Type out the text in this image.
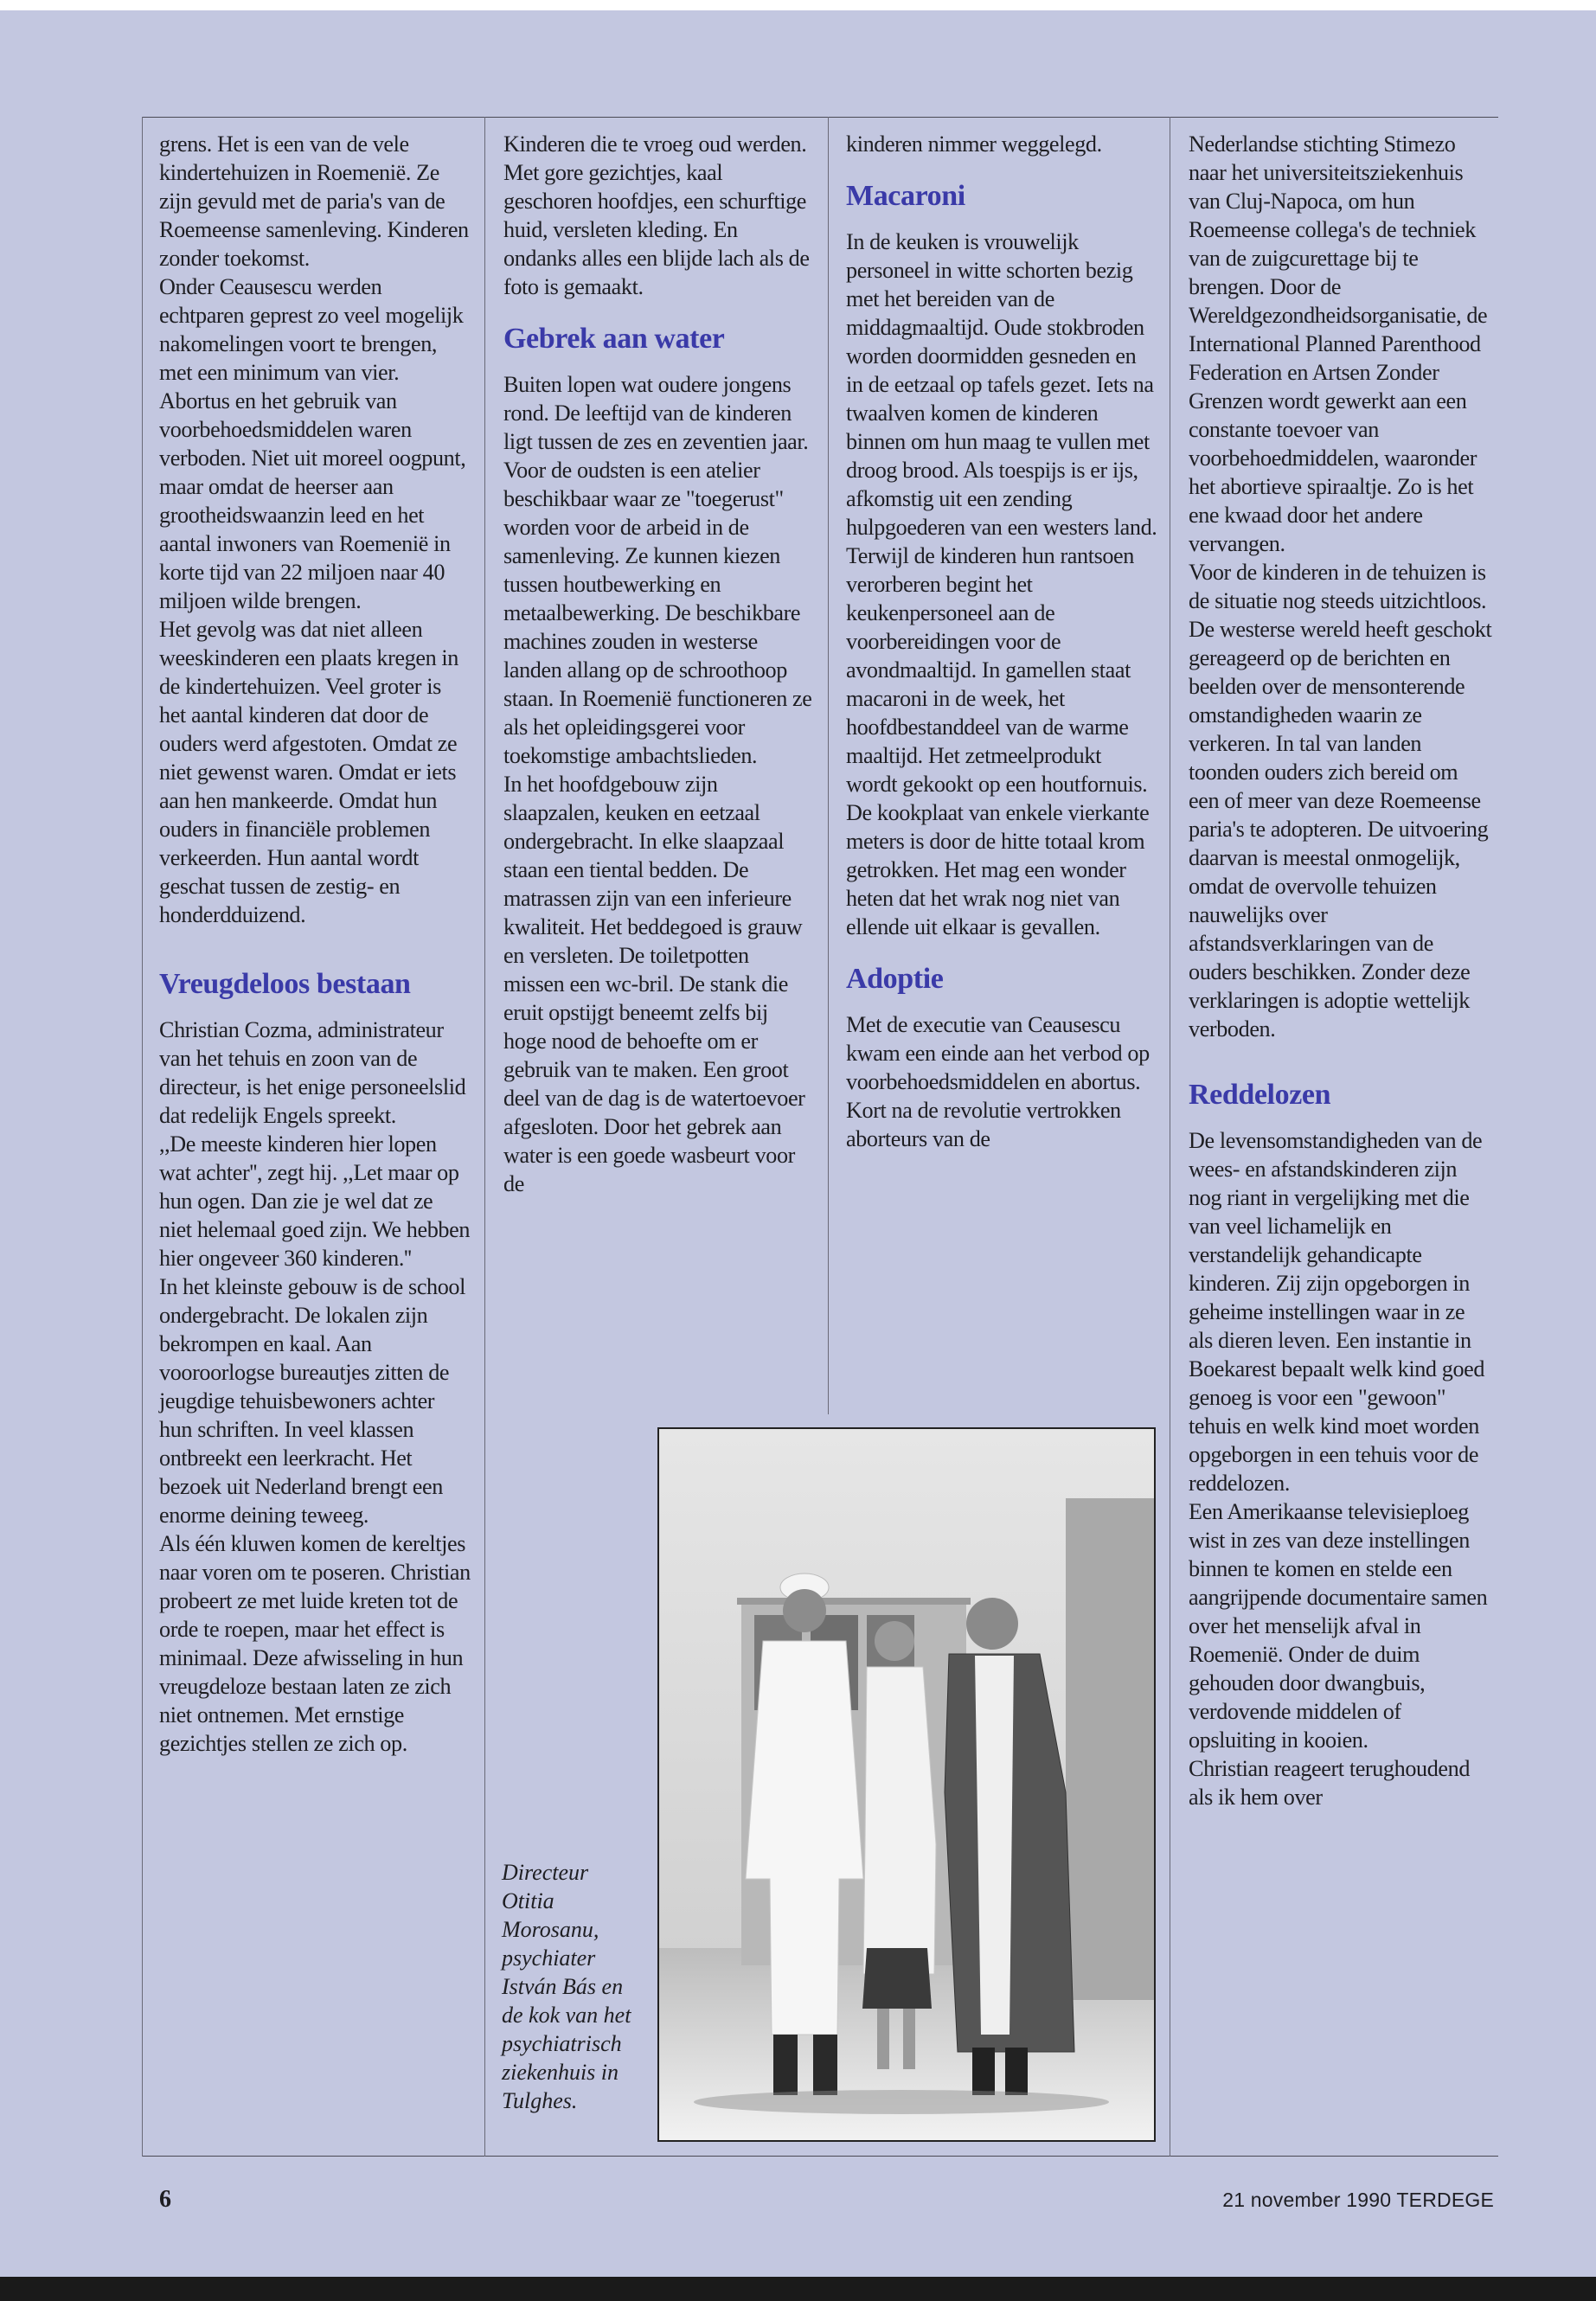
grens. Het is een van de vele kindertehuizen in Roemenië. Ze zijn gevuld met de paria's van de Roemeense samenleving. Kinderen zonder toekomst.

Onder Ceausescu werden echtparen geprest zo veel mogelijk nakomelingen voort te brengen, met een minimum van vier. Abortus en het gebruik van voorbehoedsmiddelen waren verboden. Niet uit moreel oogpunt, maar omdat de heerser aan grootheidswaanzin leed en het aantal inwoners van Roemenië in korte tijd van 22 miljoen naar 40 miljoen wilde brengen.

Het gevolg was dat niet alleen weeskinderen een plaats kregen in de kindertehuizen. Veel groter is het aantal kinderen dat door de ouders werd afgestoten. Omdat ze niet gewenst waren. Omdat er iets aan hen mankeerde. Omdat hun ouders in financiële problemen verkeerden. Hun aantal wordt geschat tussen de zestig- en honderdduizend.

Vreugdeloos bestaan

Christian Cozma, administrateur van het tehuis en zoon van de directeur, is het enige personeelslid dat redelijk Engels spreekt.

,,De meeste kinderen hier lopen wat achter'', zegt hij. ,,Let maar op hun ogen. Dan zie je wel dat ze niet helemaal goed zijn. We hebben hier ongeveer 360 kinderen.''

In het kleinste gebouw is de school ondergebracht. De lokalen zijn bekrompen en kaal. Aan vooroorlogse bureautjes zitten de jeugdige tehuisbewoners achter hun schriften. In veel klassen ontbreekt een leerkracht. Het bezoek uit Nederland brengt een enorme deining teweeg.

Als één kluwen komen de kereltjes naar voren om te poseren. Christian probeert ze met luide kreten tot de orde te roepen, maar het effect is minimaal. Deze afwisseling in hun vreugdeloze bestaan laten ze zich niet ontnemen. Met ernstige gezichtjes stellen ze zich op.

Kinderen die te vroeg oud werden. Met gore gezichtjes, kaal geschoren hoofdjes, een schurftige huid, versleten kleding. En ondanks alles een blijde lach als de foto is gemaakt.

Gebrek aan water

Buiten lopen wat oudere jongens rond. De leeftijd van de kinderen ligt tussen de zes en zeventien jaar. Voor de oudsten is een atelier beschikbaar waar ze "toegerust" worden voor de arbeid in de samenleving. Ze kunnen kiezen tussen houtbewerking en metaalbewerking. De beschikbare machines zouden in westerse landen allang op de schroothoop staan. In Roemenië functioneren ze als het opleidingsgerei voor toekomstige ambachtslieden.

In het hoofdgebouw zijn slaapzalen, keuken en eetzaal ondergebracht. In elke slaapzaal staan een tiental bedden. De matrassen zijn van een inferieure kwaliteit. Het beddegoed is grauw en versleten. De toiletpotten missen een wc-bril. De stank die eruit opstijgt beneemt zelfs bij hoge nood de behoefte om er gebruik van te maken. Een groot deel van de dag is de watertoevoer afgesloten. Door het gebrek aan water is een goede wasbeurt voor de

kinderen nimmer weggelegd.

Macaroni

In de keuken is vrouwelijk personeel in witte schorten bezig met het bereiden van de middagmaaltijd. Oude stokbroden worden doormidden gesneden en in de eetzaal op tafels gezet. Iets na twaalven komen de kinderen binnen om hun maag te vullen met droog brood. Als toespijs is er ijs, afkomstig uit een zending hulpgoederen van een westers land.

Terwijl de kinderen hun rantsoen verorberen begint het keukenpersoneel aan de voorbereidingen voor de avondmaaltijd. In gamellen staat macaroni in de week, het hoofdbestanddeel van de warme maaltijd. Het zetmeelprodukt wordt gekookt op een houtfornuis. De kookplaat van enkele vierkante meters is door de hitte totaal krom getrokken. Het mag een wonder heten dat het wrak nog niet van ellende uit elkaar is gevallen.

Adoptie

Met de executie van Ceausescu kwam een einde aan het verbod op voorbehoedsmiddelen en abortus. Kort na de revolutie vertrokken aborteurs van de

Nederlandse stichting Stimezo naar het universiteitsziekenhuis van Cluj-Napoca, om hun Roemeense collega's de techniek van de zuigcurettage bij te brengen. Door de Wereldgezondheidsorganisatie, de International Planned Parenthood Federation en Artsen Zonder Grenzen wordt gewerkt aan een constante toevoer van voorbehoedmiddelen, waaronder het abortieve spiraaltje. Zo is het ene kwaad door het andere vervangen.

Voor de kinderen in de tehuizen is de situatie nog steeds uitzichtloos. De westerse wereld heeft geschokt gereageerd op de berichten en beelden over de mensonterende omstandigheden waarin ze verkeren. In tal van landen toonden ouders zich bereid om een of meer van deze Roemeense paria's te adopteren. De uitvoering daarvan is meestal onmogelijk, omdat de overvolle tehuizen nauwelijks over afstandsverklaringen van de ouders beschikken. Zonder deze verklaringen is adoptie wettelijk verboden.

Reddelozen

De levensomstandigheden van de wees- en afstandskinderen zijn nog riant in vergelijking met die van veel lichamelijk en verstandelijk gehandicapte kinderen. Zij zijn opgeborgen in geheime instellingen waar in ze als dieren leven. Een instantie in Boekarest bepaalt welk kind goed genoeg is voor een "gewoon" tehuis en welk kind moet worden opgeborgen in een tehuis voor de reddelozen.

Een Amerikaanse televisieploeg wist in zes van deze instellingen binnen te komen en stelde een aangrijpende documentaire samen over het menselijk afval in Roemenië. Onder de duim gehouden door dwangbuis, verdovende middelen of opsluiting in kooien.

Christian reageert terughoudend als ik hem over

Directeur Otitia Morosanu, psychiater István Bás en de kok van het psychiatrisch ziekenhuis in Tulghes.
6	21 november 1990 TERDEGE
